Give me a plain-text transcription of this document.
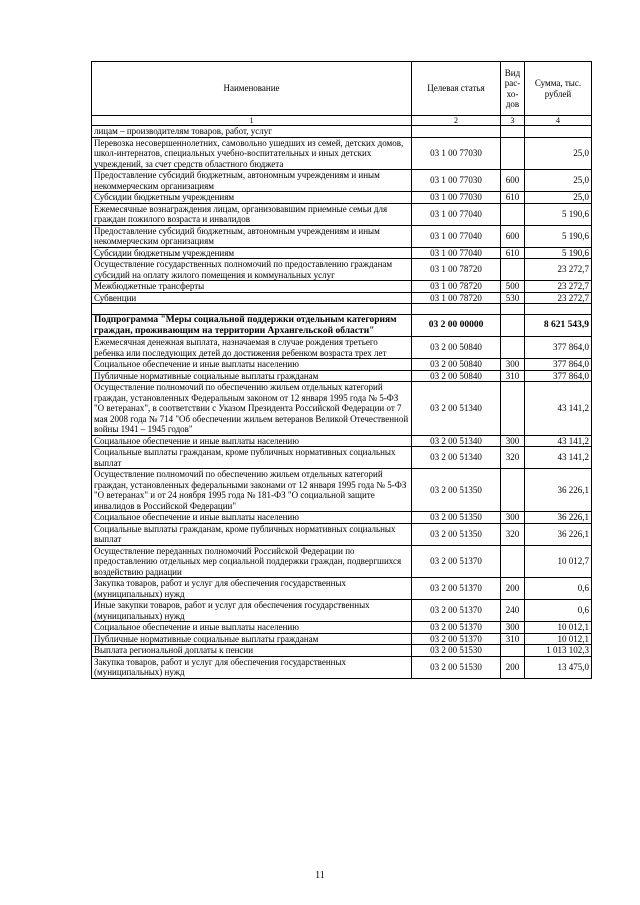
Наименование	Целевая статья	Вид рас- хо- дов	Сумма, тыс. рублей
1	2	3	4
лицам – производителям товаров, работ, услуг			
Перевозка несовершеннолетних, самовольно ушедших из семей, детских домов, школ-интернатов, специальных учебно-воспитательных и иных детских учреждений, за счет средств областного бюджета	03 1 00 77030		25,0
Предоставление субсидий бюджетным, автономным учреждениям и иным некоммерческим организациям	03 1 00 77030	600	25,0
Субсидии бюджетным учреждениям	03 1 00 77030	610	25,0
Ежемесячные вознаграждения лицам, организовавшим приемные семьи для граждан пожилого возраста и инвалидов	03 1 00 77040		5 190,6
Предоставление субсидий бюджетным, автономным учреждениям и иным некоммерческим организациям	03 1 00 77040	600	5 190,6
Субсидии бюджетным учреждениям	03 1 00 77040	610	5 190,6
Осуществление государственных полномочий по предоставлению гражданам субсидий на оплату жилого помещения и коммунальных услуг	03 1 00 78720		23 272,7
Межбюджетные трансферты	03 1 00 78720	500	23 272,7
Субвенции	03 1 00 78720	530	23 272,7

Подпрограмма "Меры социальной поддержки отдельным категориям граждан, проживающим на территории Архангельской области"	03 2 00 00000		8 621 543,9
Ежемесячная денежная выплата, назначаемая в случае рождения третьего ребенка или последующих детей до достижения ребенком возраста трех лет	03 2 00 50840		377 864,0
Социальное обеспечение и иные выплаты населению	03 2 00 50840	300	377 864,0
Публичные нормативные социальные выплаты гражданам	03 2 00 50840	310	377 864,0
Осуществление полномочий по обеспечению жильем отдельных категорий граждан, установленных Федеральным законом от 12 января 1995 года № 5-ФЗ "О ветеранах", в соответствии с Указом Президента Российской Федерации от 7 мая 2008 года № 714 "Об обеспечении жильем ветеранов Великой Отечественной войны 1941 – 1945 годов"	03 2 00 51340		43 141,2
Социальное обеспечение и иные выплаты населению	03 2 00 51340	300	43 141,2
Социальные выплаты гражданам, кроме публичных нормативных социальных выплат	03 2 00 51340	320	43 141,2
Осуществление полномочий по обеспечению жильем отдельных категорий граждан, установленных федеральными законами от 12 января 1995 года № 5-ФЗ "О ветеранах" и от 24 ноября 1995 года № 181-ФЗ "О социальной защите инвалидов в Российской Федерации"	03 2 00 51350		36 226,1
Социальное обеспечение и иные выплаты населению	03 2 00 51350	300	36 226,1
Социальные выплаты гражданам, кроме публичных нормативных социальных выплат	03 2 00 51350	320	36 226,1
Осуществление переданных полномочий Российской Федерации по предоставлению отдельных мер социальной поддержки граждан, подвергшихся воздействию радиации	03 2 00 51370		10 012,7
Закупка товаров, работ и услуг для обеспечения государственных (муниципальных) нужд	03 2 00 51370	200	0,6
Иные закупки товаров, работ и услуг для обеспечения государственных (муниципальных) нужд	03 2 00 51370	240	0,6
Социальное обеспечение и иные выплаты населению	03 2 00 51370	300	10 012,1
Публичные нормативные социальные выплаты гражданам	03 2 00 51370	310	10 012,1
Выплата региональной доплаты к пенсии	03 2 00 51530		1 013 102,3
Закупка товаров, работ и услуг для обеспечения государственных (муниципальных) нужд	03 2 00 51530	200	13 475,0
11
